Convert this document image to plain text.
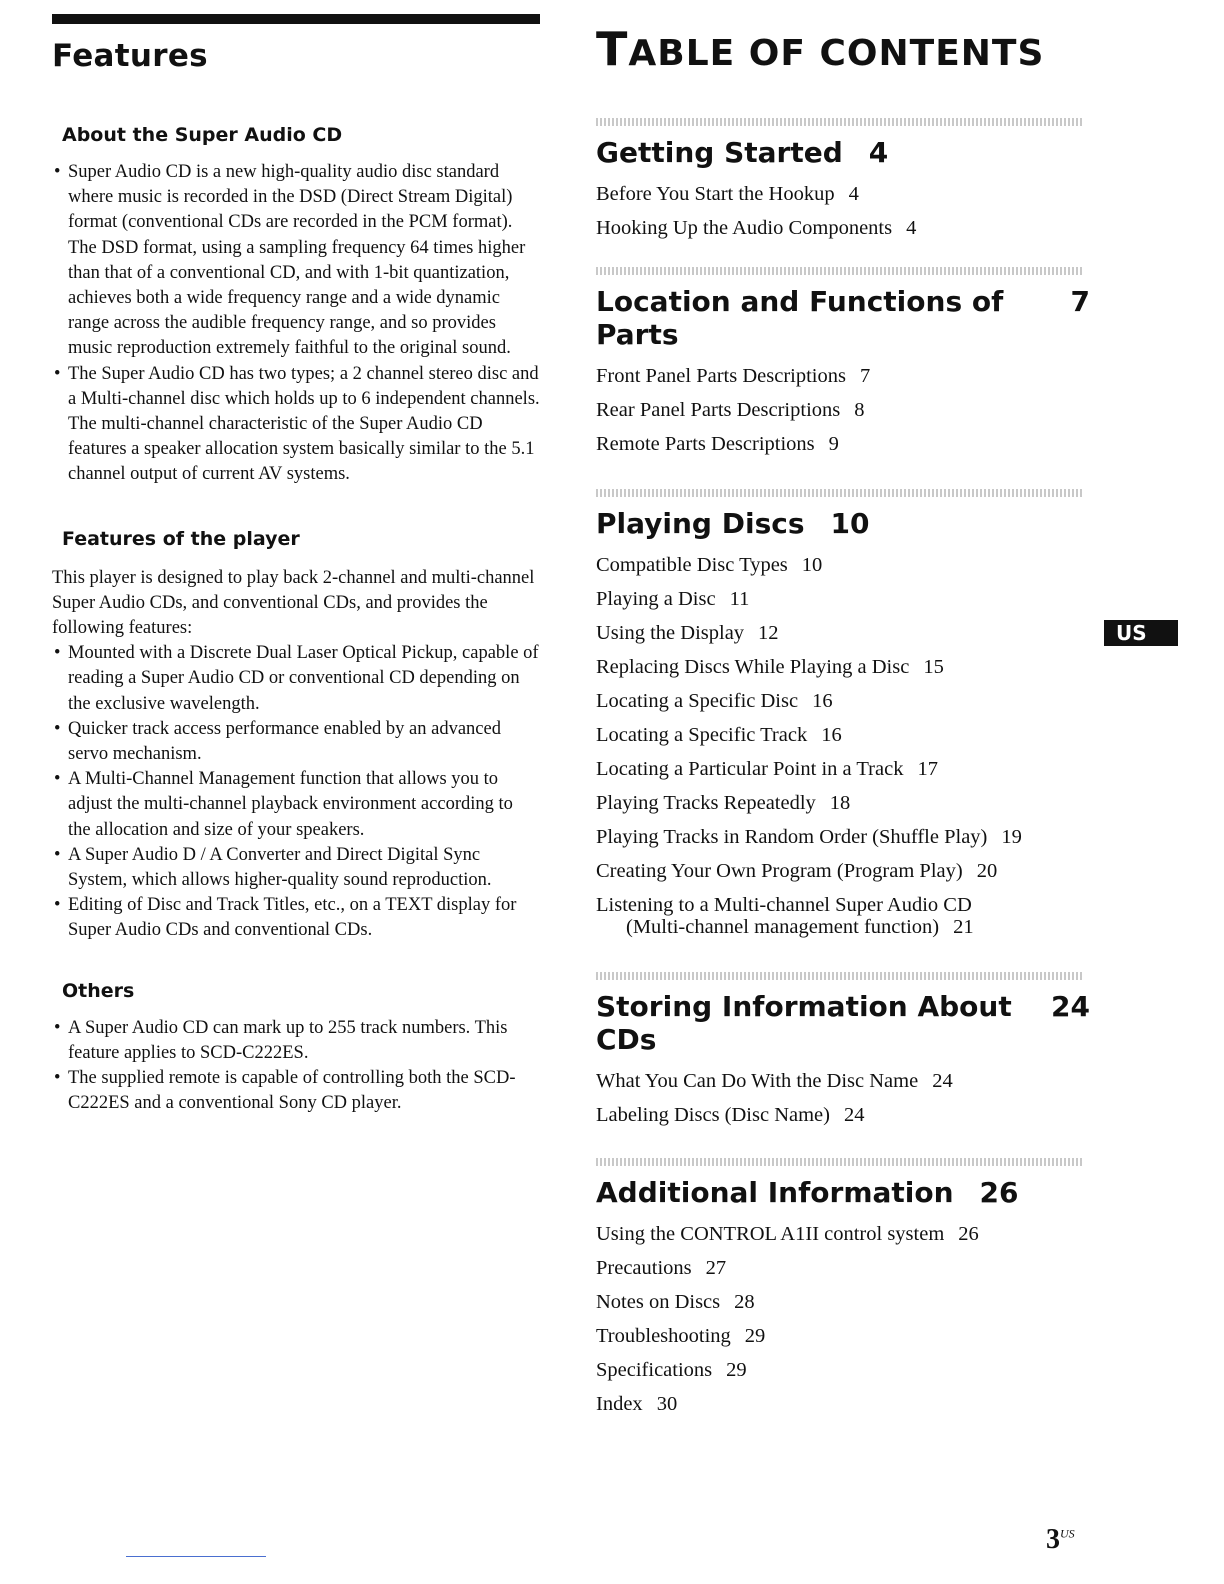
Features
About the Super Audio CD
• Super Audio CD is a new high-quality audio disc standard where music is recorded in the DSD (Direct Stream Digital) format (conventional CDs are recorded in the PCM format). The DSD format, using a sampling frequency 64 times higher than that of a conventional CD, and with 1-bit quantization, achieves both a wide frequency range and a wide dynamic range across the audible frequency range, and so provides music reproduction extremely faithful to the original sound.
• The Super Audio CD has two types; a 2 channel stereo disc and a Multi-channel disc which holds up to 6 independent channels. The multi-channel characteristic of the Super Audio CD features a speaker allocation system basically similar to the 5.1 channel output of current AV systems.
Features of the player

This player is designed to play back 2-channel and multi-channel Super Audio CDs, and conventional CDs, and provides the following features:

• Mounted with a Discrete Dual Laser Optical Pickup, capable of reading a Super Audio CD or conventional CD depending on the exclusive wavelength.
• Quicker track access performance enabled by an advanced servo mechanism.
• A Multi-Channel Management function that allows you to adjust the multi-channel playback environment according to the allocation and size of your speakers.
• A Super Audio D / A Converter and Direct Digital Sync System, which allows higher-quality sound reproduction.
• Editing of Disc and Track Titles, etc., on a TEXT display for Super Audio CDs and conventional CDs.
Others
• A Super Audio CD can mark up to 255 track numbers. This feature applies to SCD-C222ES.
• The supplied remote is capable of controlling both the SCD-C222ES and a conventional Sony CD player.
TABLE OF CONTENTS
Getting Started 4
Before You Start the Hookup 4
Hooking Up the Audio Components 4
Location and Functions of Parts
7
Front Panel Parts Descriptions 7
Rear Panel Parts Descriptions 8
Remote Parts Descriptions 9
Playing Discs 10
Compatible Disc Types 10
Playing a Disc 11
Using the Display 12
Replacing Discs While Playing a Disc 15
Locating a Specific Disc 16
Locating a Specific Track 16
Locating a Particular Point in a Track 17
Playing Tracks Repeatedly 18
Playing Tracks in Random Order (Shuffle Play) 19
Creating Your Own Program (Program Play) 20
Listening to a Multi-channel Super Audio CD
(Multi-channel management function) 21
Storing Information About CDs
24
What You Can Do With the Disc Name 24
Labeling Discs (Disc Name) 24
Additional Information 26
Using the CONTROL A1II control system 26
Precautions 27
Notes on Discs 28
Troubleshooting 29
Specifications 29
Index 30
US
$3^{US}$
